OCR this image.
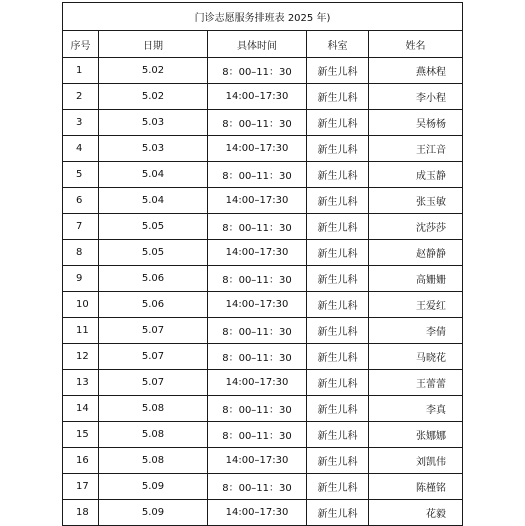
门诊志愿服务排班表 2025 年)				
序号	日期	具体时间	科室	姓名
1	5.02	8：00–11：30	新生儿科	燕林程
2	5.02	14:00–17:30	新生儿科	李小程
3	5.03	8：00–11：30	新生儿科	吴杨杨
4	5.03	14:00–17:30	新生儿科	王江音
5	5.04	8：00–11：30	新生儿科	成玉静
6	5.04	14:00–17:30	新生儿科	张玉敏
7	5.05	8：00–11：30	新生儿科	沈莎莎
8	5.05	14:00–17:30	新生儿科	赵静静
9	5.06	8：00–11：30	新生儿科	高姗姗
10	5.06	14:00–17:30	新生儿科	王爱红
11	5.07	8：00–11：30	新生儿科	李倩
12	5.07	8：00–11：30	新生儿科	马晓花
13	5.07	14:00–17:30	新生儿科	王蕾蕾
14	5.08	8：00–11：30	新生儿科	李真
15	5.08	8：00–11：30	新生儿科	张娜娜
16	5.08	14:00–17:30	新生儿科	刘凯伟
17	5.09	8：00–11：30	新生儿科	陈槿铭
18	5.09	14:00–17:30	新生儿科	花毅
